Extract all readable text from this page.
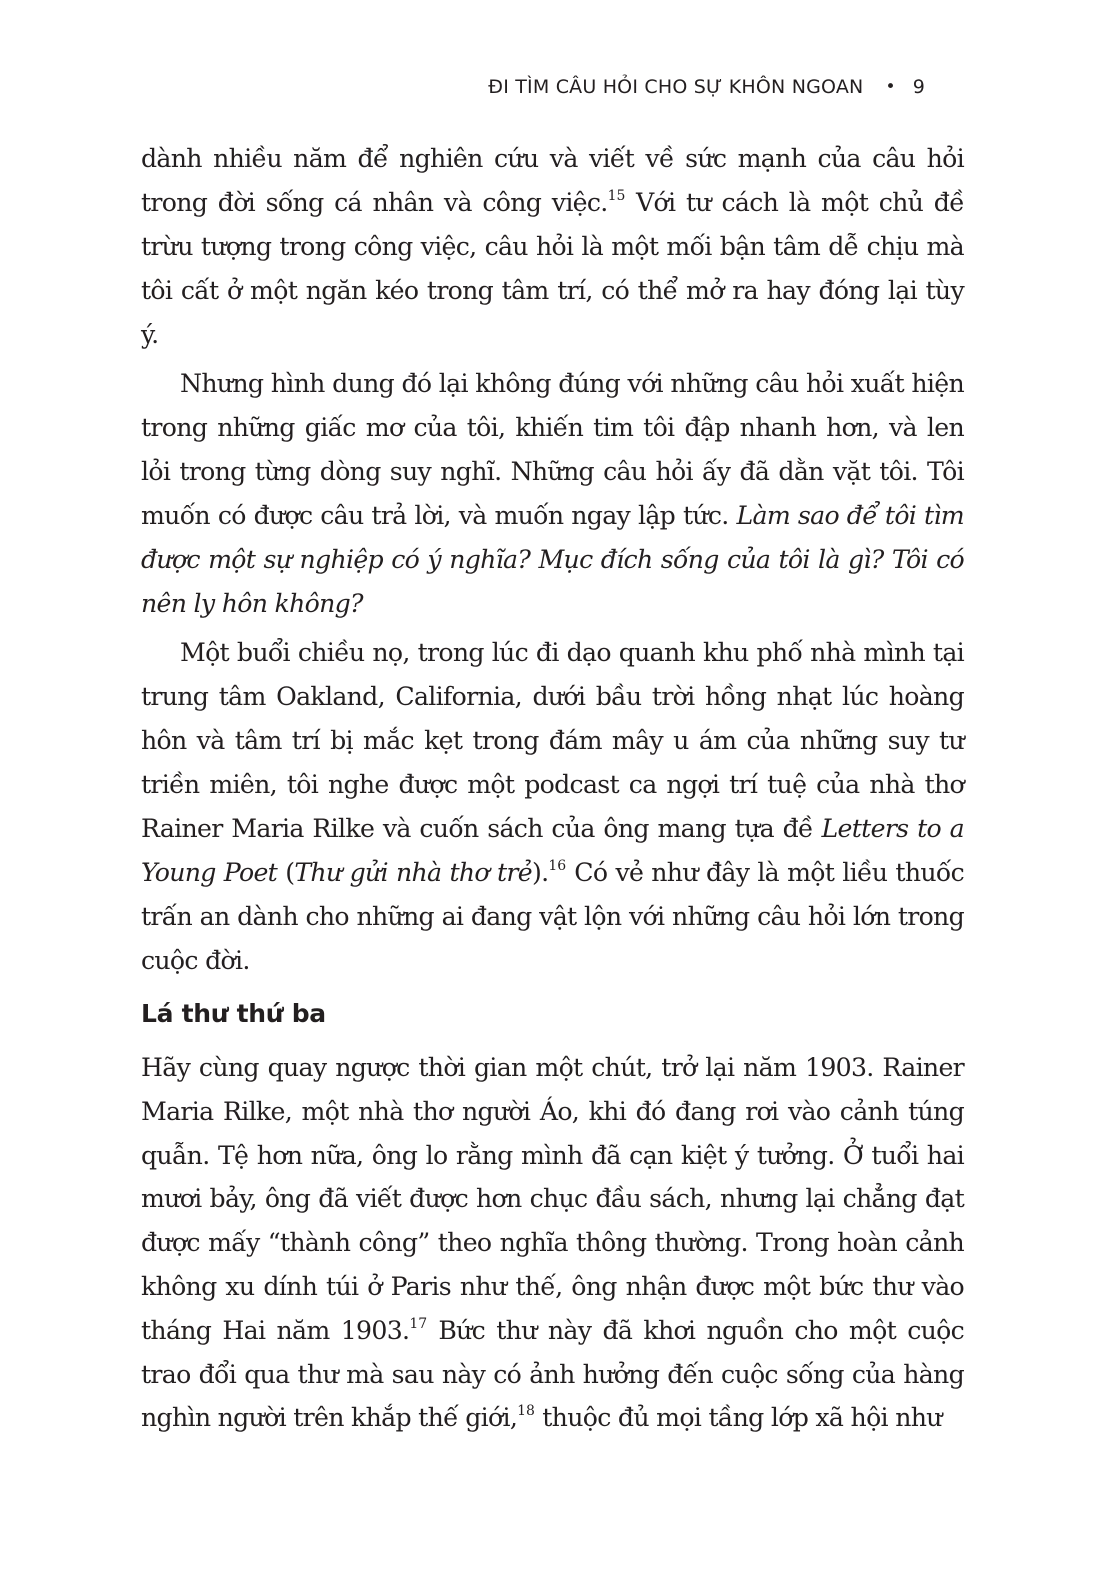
ĐI TÌM CÂU HỎI CHO SỰ KHÔN NGOAN • 9

dành nhiều năm để nghiên cứu và viết về sức mạnh của câu hỏi trong đời sống cá nhân và công việc.$^{15}$ Với tư cách là một chủ đề trừu tượng trong công việc, câu hỏi là một mối bận tâm dễ chịu mà tôi cất ở một ngăn kéo trong tâm trí, có thể mở ra hay đóng lại tùy ý.

Nhưng hình dung đó lại không đúng với những câu hỏi xuất hiện trong những giấc mơ của tôi, khiến tim tôi đập nhanh hơn, và len lỏi trong từng dòng suy nghĩ. Những câu hỏi ấy đã dằn vặt tôi. Tôi muốn có được câu trả lời, và muốn ngay lập tức. Làm sao để tôi tìm được một sự nghiệp có ý nghĩa? Mục đích sống của tôi là gì? Tôi có nên ly hôn không?

Một buổi chiều nọ, trong lúc đi dạo quanh khu phố nhà mình tại trung tâm Oakland, California, dưới bầu trời hồng nhạt lúc hoàng hôn và tâm trí bị mắc kẹt trong đám mây u ám của những suy tư triền miên, tôi nghe được một podcast ca ngợi trí tuệ của nhà thơ Rainer Maria Rilke và cuốn sách của ông mang tựa đề Letters to a Young Poet (Thư gửi nhà thơ trẻ).$^{16}$ Có vẻ như đây là một liều thuốc trấn an dành cho những ai đang vật lộn với những câu hỏi lớn trong cuộc đời.

Lá thư thứ ba

Hãy cùng quay ngược thời gian một chút, trở lại năm 1903. Rainer Maria Rilke, một nhà thơ người Áo, khi đó đang rơi vào cảnh túng quẫn. Tệ hơn nữa, ông lo rằng mình đã cạn kiệt ý tưởng. Ở tuổi hai mươi bảy, ông đã viết được hơn chục đầu sách, nhưng lại chẳng đạt được mấy “thành công” theo nghĩa thông thường. Trong hoàn cảnh không xu dính túi ở Paris như thế, ông nhận được một bức thư vào tháng Hai năm 1903.17 Bức thư này đã khơi nguồn cho một cuộc trao đổi qua thư mà sau này có ảnh hưởng đến cuộc sống của hàng nghìn người trên khắp thế giới,$^{18}$ thuộc đủ mọi tầng lớp xã hội như
